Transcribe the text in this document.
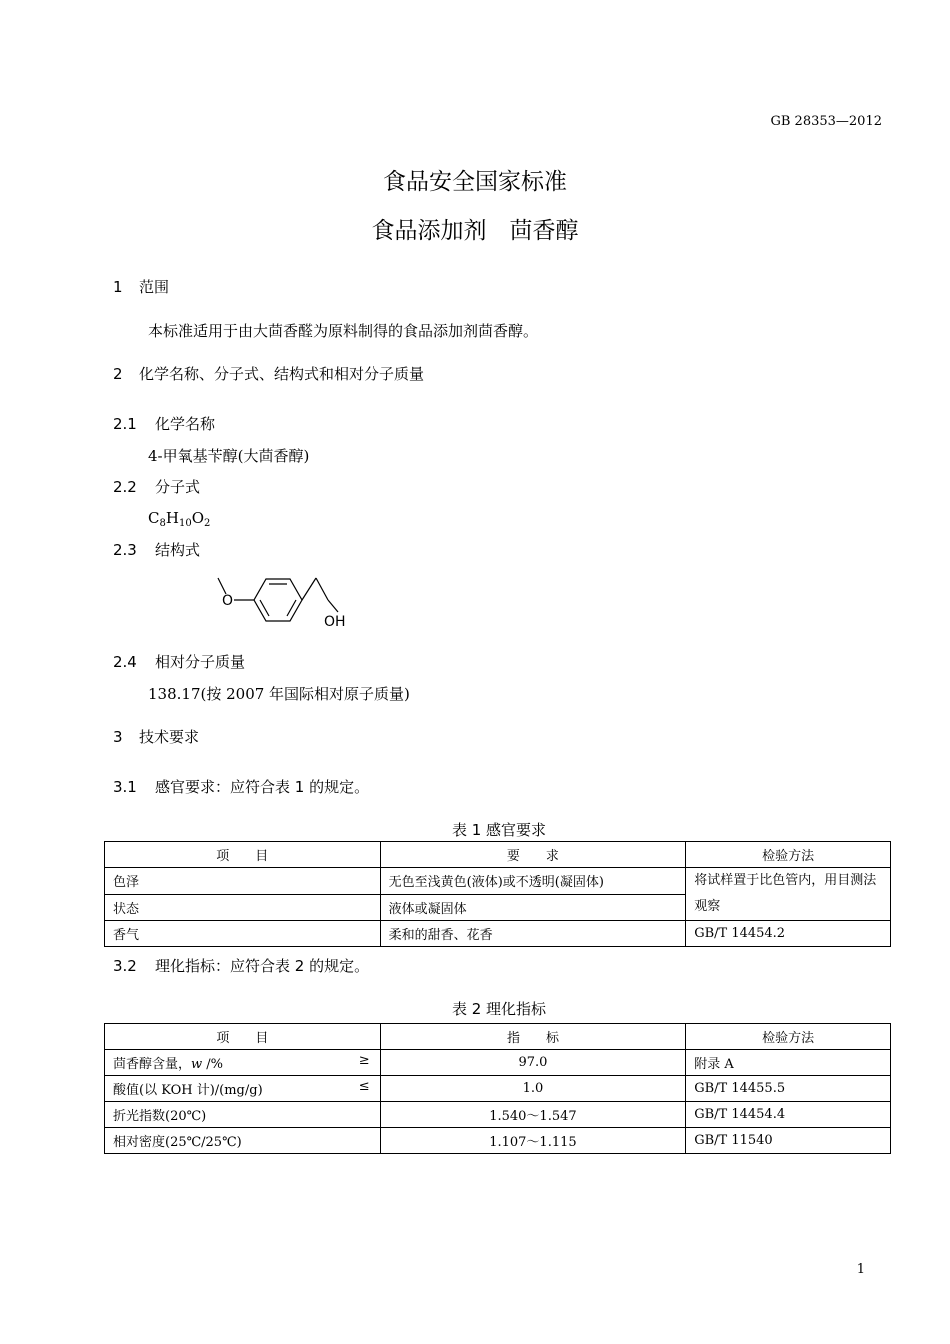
GB 28353—2012
食品安全国家标准
食品添加剂　茴香醇
1 范围
本标准适用于由大茴香醛为原料制得的食品添加剂茴香醇。
2 化学名称、分子式、结构式和相对分子质量
2.1 化学名称
4-甲氧基苄醇(大茴香醇)
2.2 分子式
$C_8H_{10}O_2$
2.3 结构式
O
OH
2.4 相对分子质量
138.17(按 2007 年国际相对原子质量)
3 技术要求
3.1 感官要求：应符合表 1 的规定。
表 1 感官要求
项　　目	要　　求	检验方法
色泽	无色至浅黄色(液体)或不透明(凝固体)	将试样置于比色管内，用目测法观察
状态	液体或凝固体	
香气	柔和的甜香、花香	GB/T 14454.2
3.2 理化指标：应符合表 2 的规定。
表 2 理化指标
项　　目	指　　标	检验方法
茴香醇含量，w /% ≥	97.0	附录 A
酸值(以 KOH 计)/(mg/g) ≤	1.0	GB/T 14455.5
折光指数(20℃)	1.540～1.547	GB/T 14454.4
相对密度(25℃/25℃)	1.107～1.115	GB/T 11540
1
